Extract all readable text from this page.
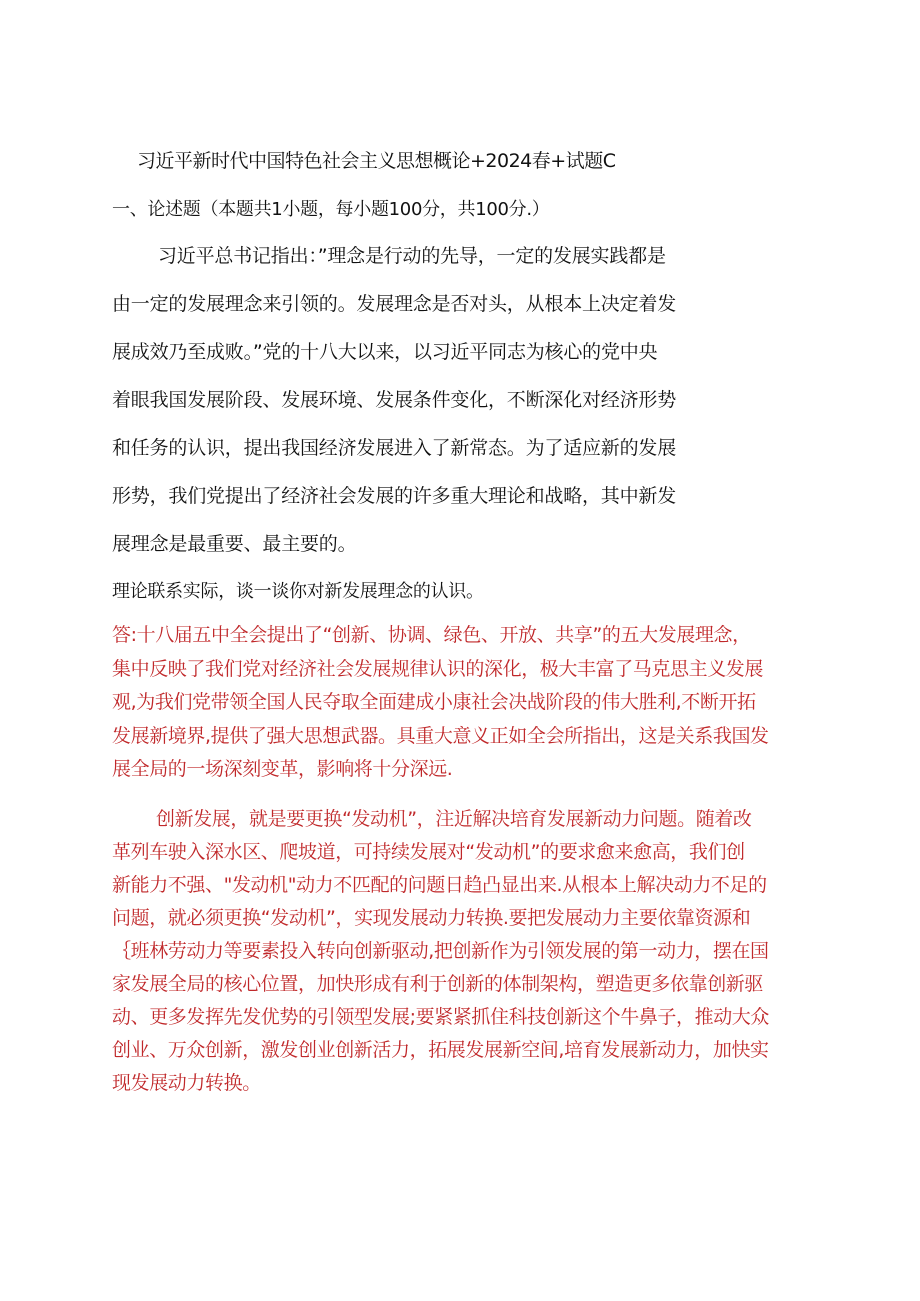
习近平新时代中国特色社会主义思想概论+2024春+试题C
一、论述题（本题共1小题，每小题100分，共100分.）
习近平总书记指出：”理念是行动的先导，一定的发展实践都是
由一定的发展理念来引领的。发展理念是否对头，从根本上决定着发
展成效乃至成败。”党的十八大以来，以习近平同志为核心的党中央
着眼我国发展阶段、发展环境、发展条件变化，不断深化对经济形势
和任务的认识，提出我国经济发展进入了新常态。为了适应新的发展
形势，我们党提出了经济社会发展的许多重大理论和战略，其中新发
展理念是最重要、最主要的。
理论联系实际，谈一谈你对新发展理念的认识。
答:十八届五中全会提出了“创新、协调、绿色、开放、共享”的五大发展理念，
集中反映了我们党对经济社会发展规律认识的深化，极大丰富了马克思主义发展
观,为我们党带领全国人民夺取全面建成小康社会决战阶段的伟大胜利,不断开拓
发展新境界,提供了强大思想武器。具重大意义正如全会所指出，这是关系我国发
展全局的一场深刻变革，影响将十分深远.
创新发展，就是要更换“发动机”，注近解决培育发展新动力问题。随着改
革列车驶入深水区、爬坡道，可持续发展对“发动机”的要求愈来愈高，我们创
新能力不强、"发动机"动力不匹配的问题日趋凸显出来.从根本上解决动力不足的
问题，就必须更换“发动机”，实现发展动力转换.要把发展动力主要依靠资源和
｛班林劳动力等要素投入转向创新驱动,把创新作为引领发展的第一动力，摆在国
家发展全局的核心位置，加快形成有利于创新的体制架构，塑造更多依靠创新驱
动、更多发挥先发优势的引领型发展;要紧紧抓住科技创新这个牛鼻子，推动大众
创业、万众创新，激发创业创新活力，拓展发展新空间,培育发展新动力，加快实
现发展动力转换。
